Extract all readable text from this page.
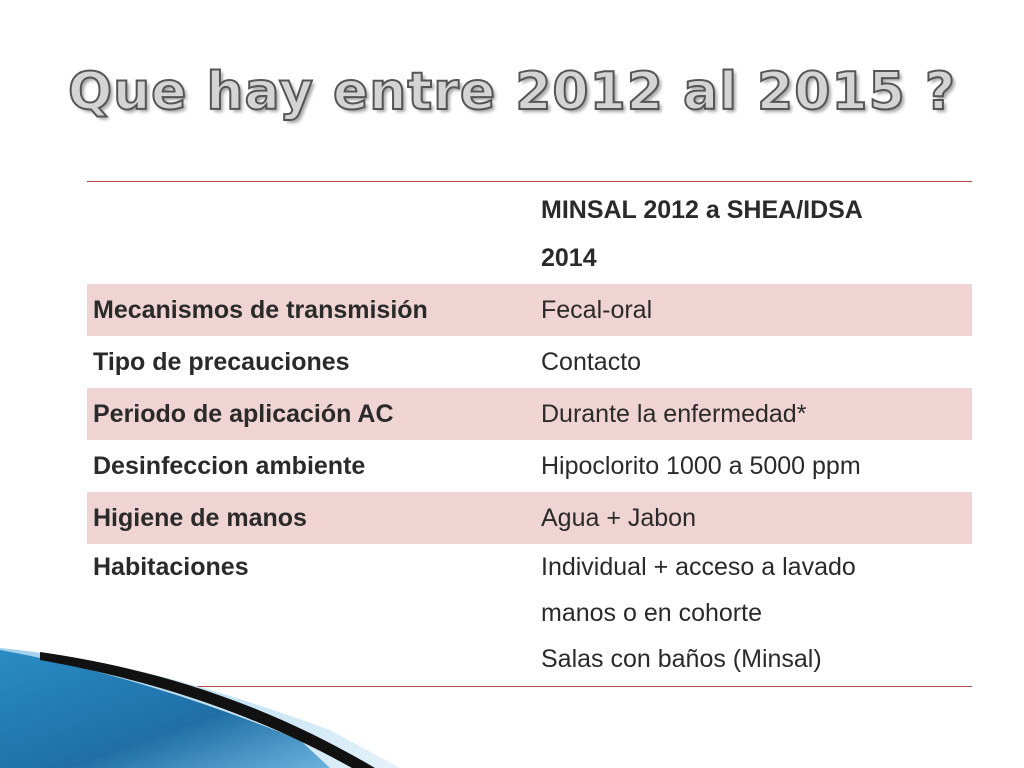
Que hay entre 2012 al 2015 ?

	MINSAL 2012 a SHEA/IDSA
2014

Mecanismos de transmisión	Fecal-oral

Tipo de precauciones	Contacto

Periodo de aplicación AC	Durante la enfermedad*

Desinfeccion ambiente	Hipoclorito 1000 a 5000 ppm

Higiene de manos	Agua + Jabon

Habitaciones	Individual + acceso a lavado
manos o en cohorte
Salas con baños (Minsal)
